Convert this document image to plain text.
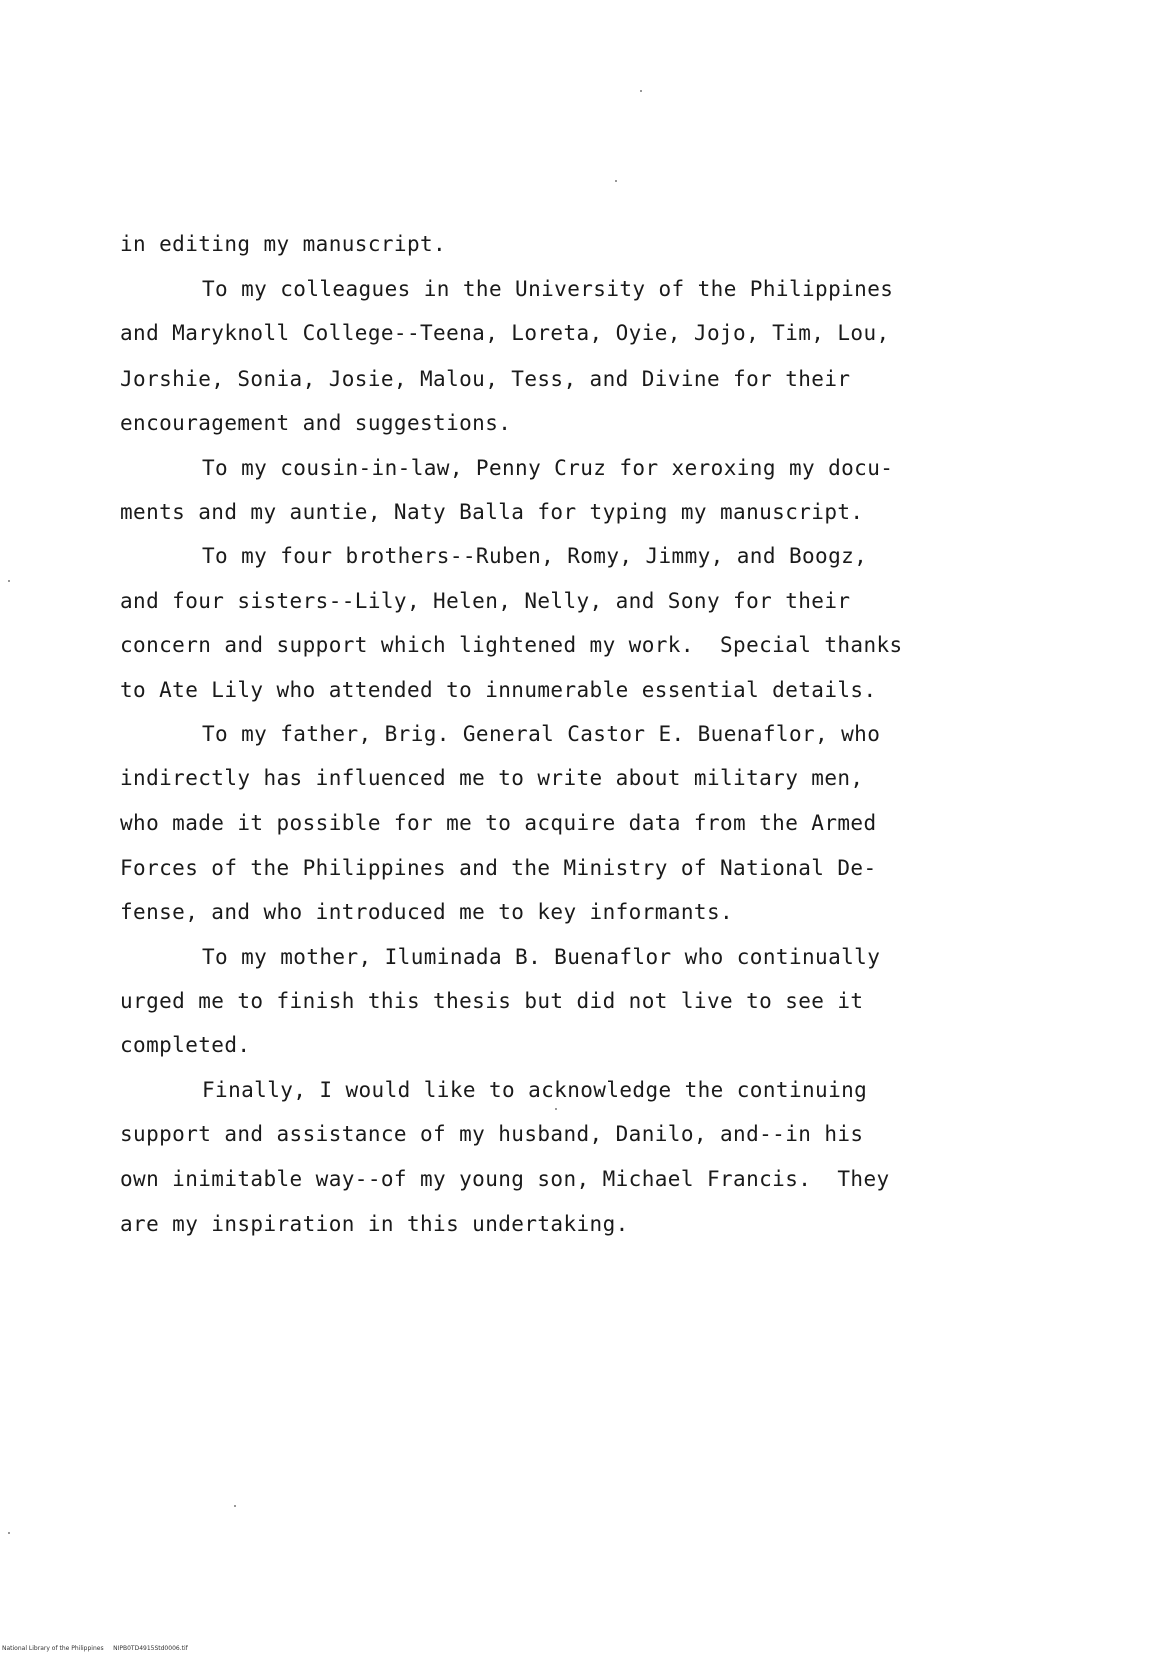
in editing my manuscript.
To my colleagues in the University of the Philippines
and Maryknoll College--Teena, Loreta, Oyie, Jojo, Tim, Lou,
Jorshie, Sonia, Josie, Malou, Tess, and Divine for their
encouragement and suggestions.
To my cousin-in-law, Penny Cruz for xeroxing my docu-
ments and my auntie, Naty Balla for typing my manuscript.
To my four brothers--Ruben, Romy, Jimmy, and Boogz,
and four sisters--Lily, Helen, Nelly, and Sony for their
concern and support which lightened my work.  Special thanks
to Ate Lily who attended to innumerable essential details.
To my father, Brig. General Castor E. Buenaflor, who
indirectly has influenced me to write about military men,
who made it possible for me to acquire data from the Armed
Forces of the Philippines and the Ministry of National De-
fense, and who introduced me to key informants.
To my mother, Iluminada B. Buenaflor who continually
urged me to finish this thesis but did not live to see it
completed.
Finally, I would like to acknowledge the continuing
support and assistance of my husband, Danilo, and--in his
own inimitable way--of my young son, Michael Francis.  They
are my inspiration in this undertaking.
National Library of the Philippines     NIPB0TD4915Std0006.tif
